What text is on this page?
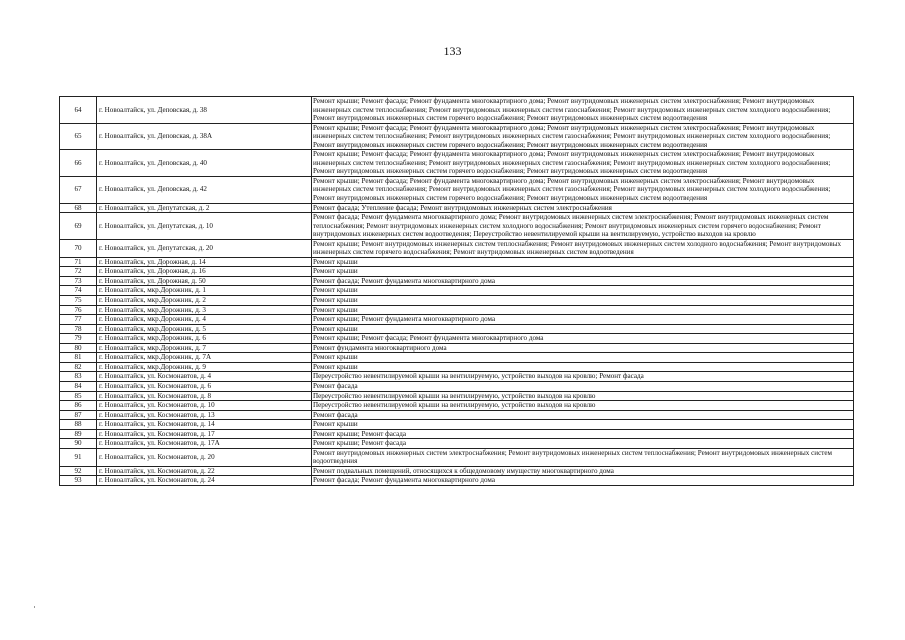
133
64	г. Новоалтайск, ул. Деповская, д. 38	Ремонт крыши; Ремонт фасада; Ремонт фундамента многоквартирного дома; Ремонт внутридомовых инженерных систем электроснабжения; Ремонт внутридомовых инженерных систем теплоснабжения; Ремонт внутридомовых инженерных систем газоснабжения; Ремонт внутридомовых инженерных систем холодного водоснабжения; Ремонт внутридомовых инженерных систем горячего водоснабжения; Ремонт внутридомовых инженерных систем водоотведения
65	г. Новоалтайск, ул. Деповская, д. 38А	Ремонт крыши; Ремонт фасада; Ремонт фундамента многоквартирного дома; Ремонт внутридомовых инженерных систем электроснабжения; Ремонт внутридомовых инженерных систем теплоснабжения; Ремонт внутридомовых инженерных систем газоснабжения; Ремонт внутридомовых инженерных систем холодного водоснабжения; Ремонт внутридомовых инженерных систем горячего водоснабжения; Ремонт внутридомовых инженерных систем водоотведения
66	г. Новоалтайск, ул. Деповская, д. 40	Ремонт крыши; Ремонт фасада; Ремонт фундамента многоквартирного дома; Ремонт внутридомовых инженерных систем электроснабжения; Ремонт внутридомовых инженерных систем теплоснабжения; Ремонт внутридомовых инженерных систем газоснабжения; Ремонт внутридомовых инженерных систем холодного водоснабжения; Ремонт внутридомовых инженерных систем горячего водоснабжения; Ремонт внутридомовых инженерных систем водоотведения
67	г. Новоалтайск, ул. Деповская, д. 42	Ремонт крыши; Ремонт фасада; Ремонт фундамента многоквартирного дома; Ремонт внутридомовых инженерных систем электроснабжения; Ремонт внутридомовых инженерных систем теплоснабжения; Ремонт внутридомовых инженерных систем газоснабжения; Ремонт внутридомовых инженерных систем холодного водоснабжения; Ремонт внутридомовых инженерных систем горячего водоснабжения; Ремонт внутридомовых инженерных систем водоотведения
68	г. Новоалтайск, ул. Депутатская, д. 2	Ремонт фасада; Утепление фасада; Ремонт внутридомовых инженерных систем электроснабжения
69	г. Новоалтайск, ул. Депутатская, д. 10	Ремонт фасада; Ремонт фундамента многоквартирного дома; Ремонт внутридомовых инженерных систем электроснабжения; Ремонт внутридомовых инженерных систем теплоснабжения; Ремонт внутридомовых инженерных систем холодного водоснабжения; Ремонт внутридомовых инженерных систем горячего водоснабжения; Ремонт внутридомовых инженерных систем водоотведения; Переустройство невентилируемой крыши на вентилируемую, устройство выходов на кровлю
70	г. Новоалтайск, ул. Депутатская, д. 20	Ремонт крыши; Ремонт внутридомовых инженерных систем теплоснабжения; Ремонт внутридомовых инженерных систем холодного водоснабжения; Ремонт внутридомовых инженерных систем горячего водоснабжения; Ремонт внутридомовых инженерных систем водоотведения
71	г. Новоалтайск, ул. Дорожная, д. 14	Ремонт крыши
72	г. Новоалтайск, ул. Дорожная, д. 16	Ремонт крыши
73	г. Новоалтайск, ул. Дорожная, д. 50	Ремонт фасада; Ремонт фундамента многоквартирного дома
74	г. Новоалтайск, мкр.Дорожник, д. 1	Ремонт крыши
75	г. Новоалтайск, мкр.Дорожник, д. 2	Ремонт крыши
76	г. Новоалтайск, мкр.Дорожник, д. 3	Ремонт крыши
77	г. Новоалтайск, мкр.Дорожник, д. 4	Ремонт крыши; Ремонт фундамента многоквартирного дома
78	г. Новоалтайск, мкр.Дорожник, д. 5	Ремонт крыши
79	г. Новоалтайск, мкр.Дорожник, д. 6	Ремонт крыши; Ремонт фасада; Ремонт фундамента многоквартирного дома
80	г. Новоалтайск, мкр.Дорожник, д. 7	Ремонт фундамента многоквартирного дома
81	г. Новоалтайск, мкр.Дорожник, д. 7А	Ремонт крыши
82	г. Новоалтайск, мкр.Дорожник, д. 9	Ремонт крыши
83	г. Новоалтайск, ул. Космонавтов, д. 4	Переустройство невентилируемой крыши на вентилируемую, устройство выходов на кровлю; Ремонт фасада
84	г. Новоалтайск, ул. Космонавтов, д. 6	Ремонт фасада
85	г. Новоалтайск, ул. Космонавтов, д. 8	Переустройство невентилируемой крыши на вентилируемую, устройство выходов на кровлю
86	г. Новоалтайск, ул. Космонавтов, д. 10	Переустройство невентилируемой крыши на вентилируемую, устройство выходов на кровлю
87	г. Новоалтайск, ул. Космонавтов, д. 13	Ремонт фасада
88	г. Новоалтайск, ул. Космонавтов, д. 14	Ремонт крыши
89	г. Новоалтайск, ул. Космонавтов, д. 17	Ремонт крыши; Ремонт фасада
90	г. Новоалтайск, ул. Космонавтов, д. 17А	Ремонт крыши; Ремонт фасада
91	г. Новоалтайск, ул. Космонавтов, д. 20	Ремонт внутридомовых инженерных систем электроснабжения; Ремонт внутридомовых инженерных систем теплоснабжения; Ремонт внутридомовых инженерных систем водоотведения
92	г. Новоалтайск, ул. Космонавтов, д. 22	Ремонт подвальных помещений, относящихся к общедомовому имуществу многоквартирного дома
93	г. Новоалтайск, ул. Космонавтов, д. 24	Ремонт фасада; Ремонт фундамента многоквартирного дома
